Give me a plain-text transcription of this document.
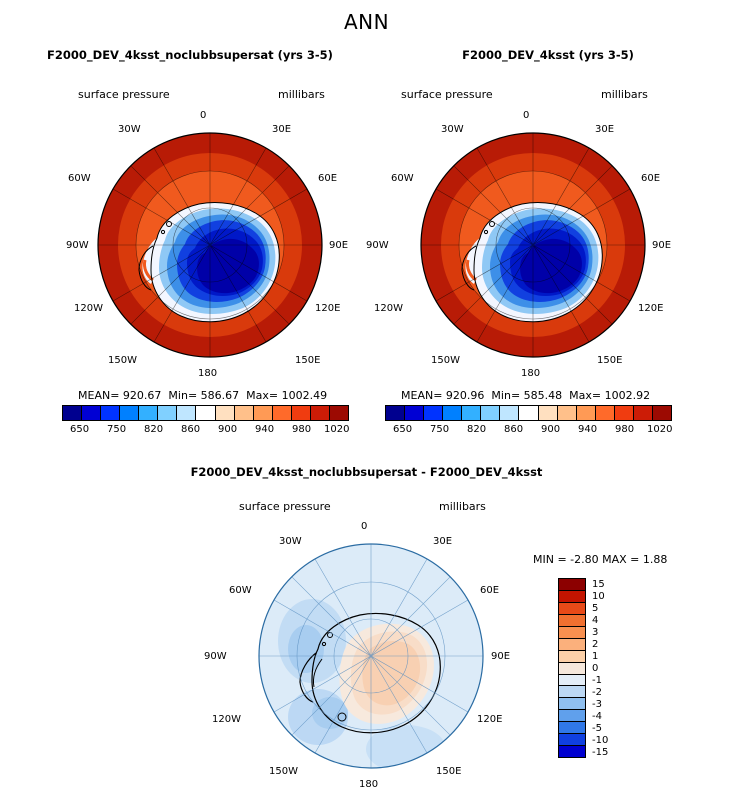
ANN
F2000_DEV_4ksst_noclubbsupersat (yrs 3-5)
surface pressure	millibars
0
30E
60E
90E
120E
150E
180
150W
120W
90W
60W
30W
MEAN= 920.67 Min= 586.67 Max= 1002.49
650 750 820 860 900 940 980 1020
F2000_DEV_4ksst (yrs 3-5)
surface pressure	millibars
0
30E
60E
90E
120E
150E
180
150W
120W
90W
60W
30W
MEAN= 920.96 Min= 585.48 Max= 1002.92
650 750 820 860 900 940 980 1020
F2000_DEV_4ksst_noclubbsupersat - F2000_DEV_4ksst
surface pressure	millibars
0
30E
60E
90E
120E
150E
180
150W
120W
90W
60W
30W
MIN = -2.80 MAX = 1.88
15
10
5
4
3
2
1
0
-1
-2
-3
-4
-5
-10
-15
